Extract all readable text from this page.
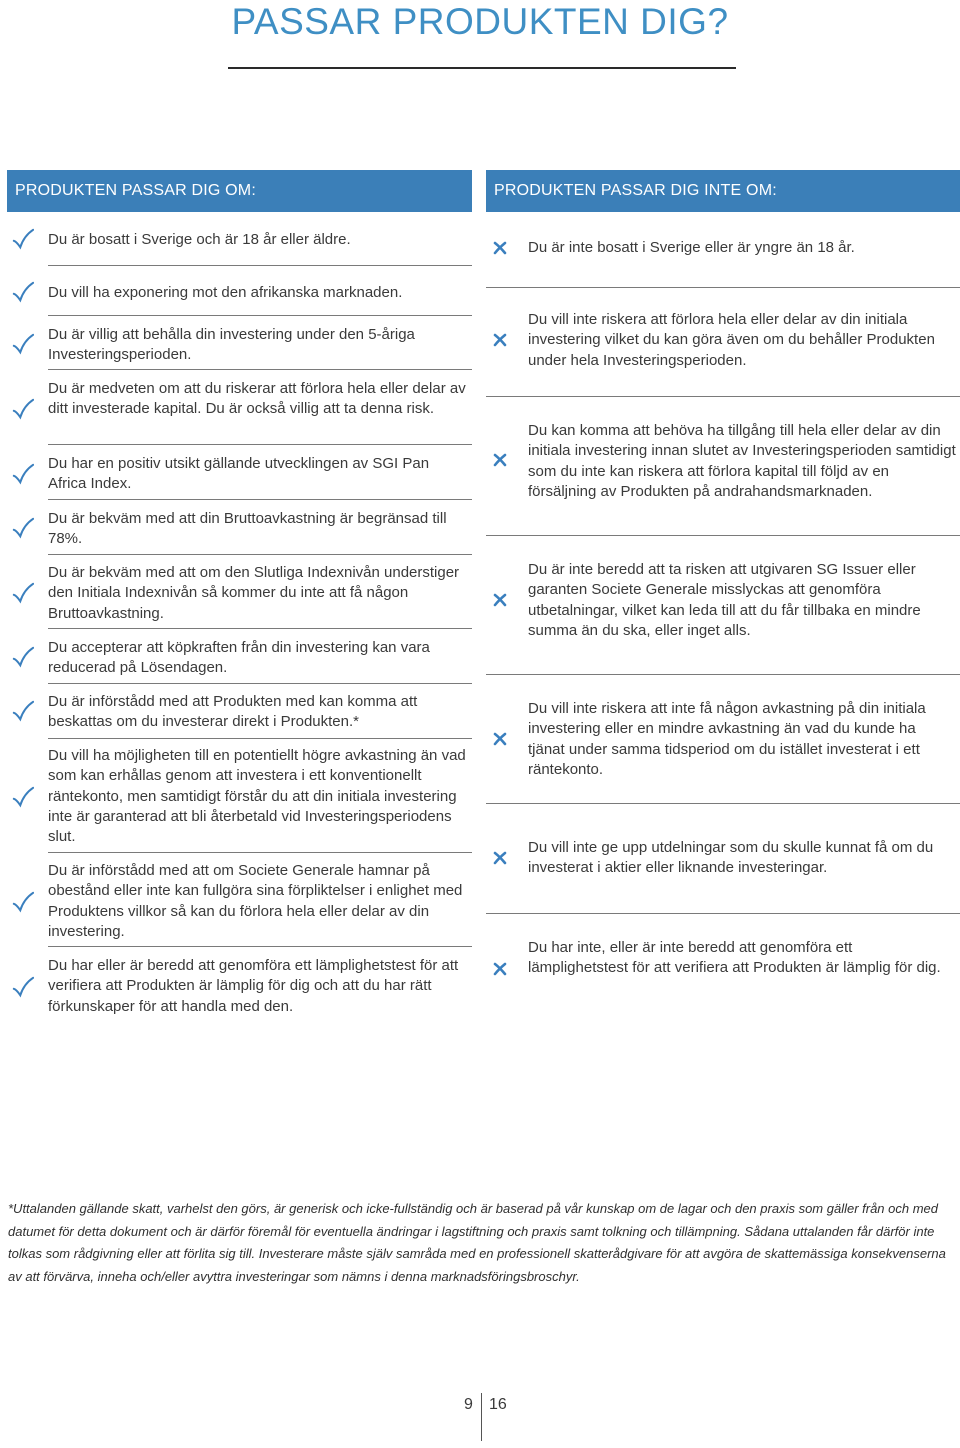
PASSAR PRODUKTEN DIG?
PRODUKTEN PASSAR DIG OM:	PRODUKTEN PASSAR DIG INTE OM:
Du är bosatt i Sverige och är 18 år eller äldre.
Du vill ha exponering mot den afrikanska marknaden.
Du är villig att behålla din investering under den 5-åriga Investeringsperioden.
Du är medveten om att du riskerar att förlora hela eller delar av ditt investerade kapital. Du är också villig att ta denna risk.
Du har en positiv utsikt gällande utvecklingen av SGI Pan Africa Index.
Du är bekväm med att din Bruttoavkastning är begränsad till 78%.
Du är bekväm med att om den Slutliga Indexnivån understiger den Initiala Indexnivån så kommer du inte att få någon Bruttoavkastning.
Du accepterar att köpkraften från din investering kan vara reducerad på Lösendagen.
Du är införstådd med att Produkten med kan komma att beskattas om du investerar direkt i Produkten.*
Du vill ha möjligheten till en potentiellt högre avkastning än vad som kan erhållas genom att investera i ett konventionellt räntekonto, men samtidigt förstår du att din initiala investering inte är garanterad att bli återbetald vid Investeringsperiodens slut.
Du är införstådd med att om Societe Generale hamnar på obestånd eller inte kan fullgöra sina förpliktelser i enlighet med Produktens villkor så kan du förlora hela eller delar av din investering.
Du har eller är beredd att genomföra ett lämplighetstest för att verifiera att Produkten är lämplig för dig och att du har rätt förkunskaper för att handla med den.
Du är inte bosatt i Sverige eller är yngre än 18 år.
Du vill inte riskera att förlora hela eller delar av din initiala investering vilket du kan göra även om du behåller Produkten under hela Investeringsperioden.
Du kan komma att behöva ha tillgång till hela eller delar av din initiala investering innan slutet av Investeringsperioden samtidigt som du inte kan riskera att förlora kapital till följd av en försäljning av Produkten på andrahandsmarknaden.
Du är inte beredd att ta risken att utgivaren SG Issuer eller garanten Societe Generale misslyckas att genomföra utbetalningar, vilket kan leda till att du får tillbaka en mindre summa än du ska, eller inget alls.
Du vill inte riskera att inte få någon avkastning på din initiala investering eller en mindre avkastning än vad du kunde ha tjänat under samma tidsperiod om du istället investerat i ett räntekonto.
Du vill inte ge upp utdelningar som du skulle kunnat få om du investerat i aktier eller liknande investeringar.
Du har inte, eller är inte beredd att genomföra ett lämplighetstest för att verifiera att Produkten är lämplig för dig.
*Uttalanden gällande skatt, varhelst den görs, är generisk och icke-fullständig och är baserad på vår kunskap om de lagar och den praxis som gäller från och med datumet för detta dokument och är därför föremål för eventuella ändringar i lagstiftning och praxis samt tolkning och tillämpning. Sådana uttalanden får därför inte tolkas som rådgivning eller att förlita sig till. Investerare måste själv samråda med en professionell skatterådgivare för att avgöra de skattemässiga konsekvenserna av att förvärva, inneha och/eller avyttra investeringar som nämns i denna marknadsföringsbroschyr.
9 16
